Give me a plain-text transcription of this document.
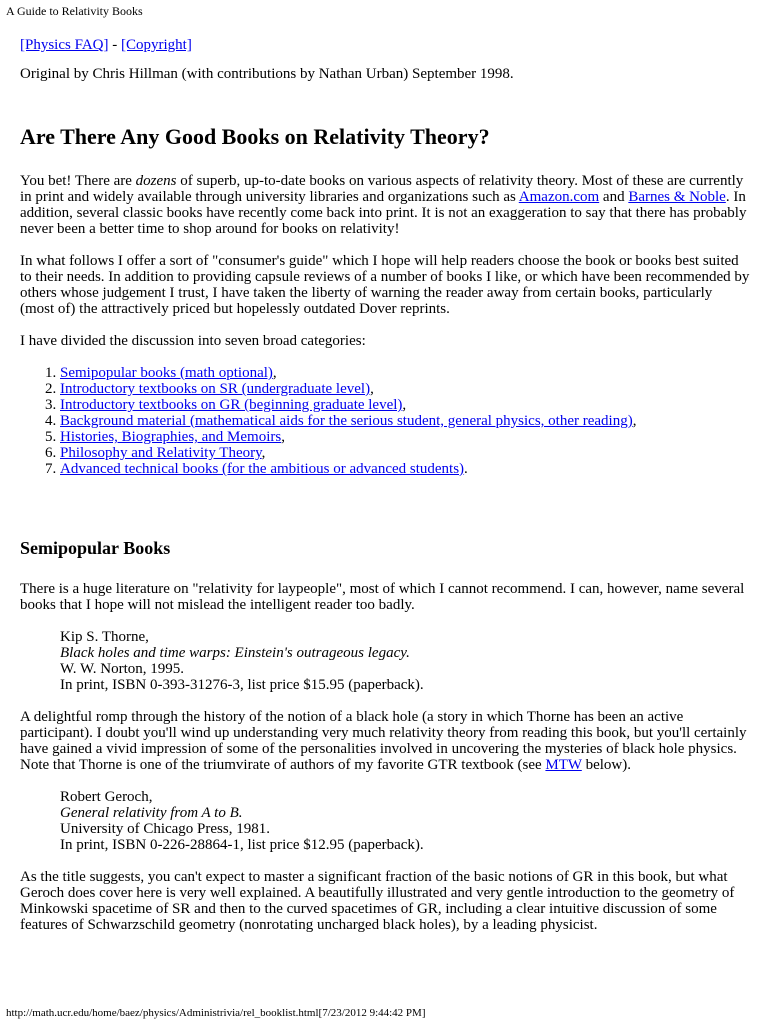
A Guide to Relativity Books

[Physics FAQ] - [Copyright]

Original by Chris Hillman (with contributions by Nathan Urban) September 1998.

Are There Any Good Books on Relativity Theory?

You bet! There are dozens of superb, up-to-date books on various aspects of relativity theory. Most of these are currently in print and widely available through university libraries and organizations such as Amazon.com and Barnes & Noble. In addition, several classic books have recently come back into print. It is not an exaggeration to say that there has probably never been a better time to shop around for books on relativity!

In what follows I offer a sort of "consumer's guide" which I hope will help readers choose the book or books best suited to their needs. In addition to providing capsule reviews of a number of books I like, or which have been recommended by others whose judgement I trust, I have taken the liberty of warning the reader away from certain books, particularly (most of) the attractively priced but hopelessly outdated Dover reprints.

I have divided the discussion into seven broad categories:

1. Semipopular books (math optional),
2. Introductory textbooks on SR (undergraduate level),
3. Introductory textbooks on GR (beginning graduate level),
4. Background material (mathematical aids for the serious student, general physics, other reading),
5. Histories, Biographies, and Memoirs,
6. Philosophy and Relativity Theory,
7. Advanced technical books (for the ambitious or advanced students).
Semipopular Books

There is a huge literature on "relativity for laypeople", most of which I cannot recommend. I can, however, name several books that I hope will not mislead the intelligent reader too badly.

Kip S. Thorne,
Black holes and time warps: Einstein's outrageous legacy.
W. W. Norton, 1995.
In print, ISBN 0-393-31276-3, list price $15.95 (paperback).

A delightful romp through the history of the notion of a black hole (a story in which Thorne has been an active participant). I doubt you'll wind up understanding very much relativity theory from reading this book, but you'll certainly have gained a vivid impression of some of the personalities involved in uncovering the mysteries of black hole physics. Note that Thorne is one of the triumvirate of authors of my favorite GTR textbook (see MTW below).

Robert Geroch,
General relativity from A to B.
University of Chicago Press, 1981.
In print, ISBN 0-226-28864-1, list price $12.95 (paperback).

As the title suggests, you can't expect to master a significant fraction of the basic notions of GR in this book, but what Geroch does cover here is very well explained. A beautifully illustrated and very gentle introduction to the geometry of Minkowski spacetime of SR and then to the curved spacetimes of GR, including a clear intuitive discussion of some features of Schwarzschild geometry (nonrotating uncharged black holes), by a leading physicist.

http://math.ucr.edu/home/baez/physics/Administrivia/rel_booklist.html[7/23/2012 9:44:42 PM]
